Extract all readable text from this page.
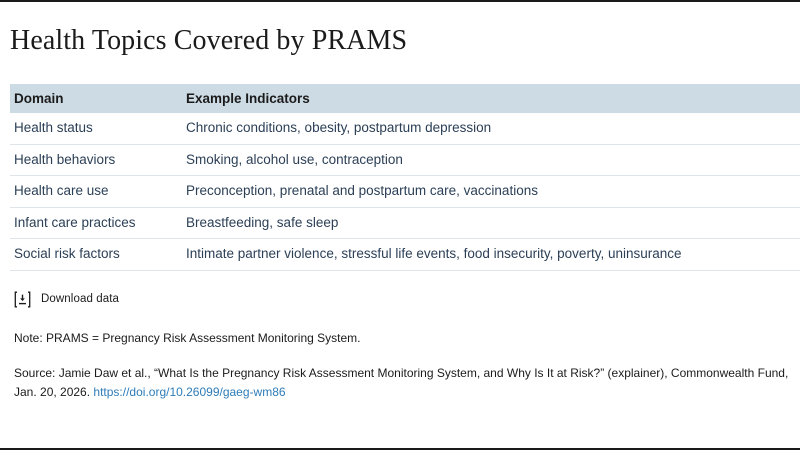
Health Topics Covered by PRAMS
Domain	Example Indicators
Health status	Chronic conditions, obesity, postpartum depression
Health behaviors	Smoking, alcohol use, contraception
Health care use	Preconception, prenatal and postpartum care, vaccinations
Infant care practices	Breastfeeding, safe sleep
Social risk factors	Intimate partner violence, stressful life events, food insecurity, poverty, uninsurance
Download data
Note: PRAMS = Pregnancy Risk Assessment Monitoring System.
Source: Jamie Daw et al., “What Is the Pregnancy Risk Assessment Monitoring System, and Why Is It at Risk?” (explainer), Commonwealth Fund, Jan. 20, 2026. https://doi.org/10.26099/gaeg-wm86
